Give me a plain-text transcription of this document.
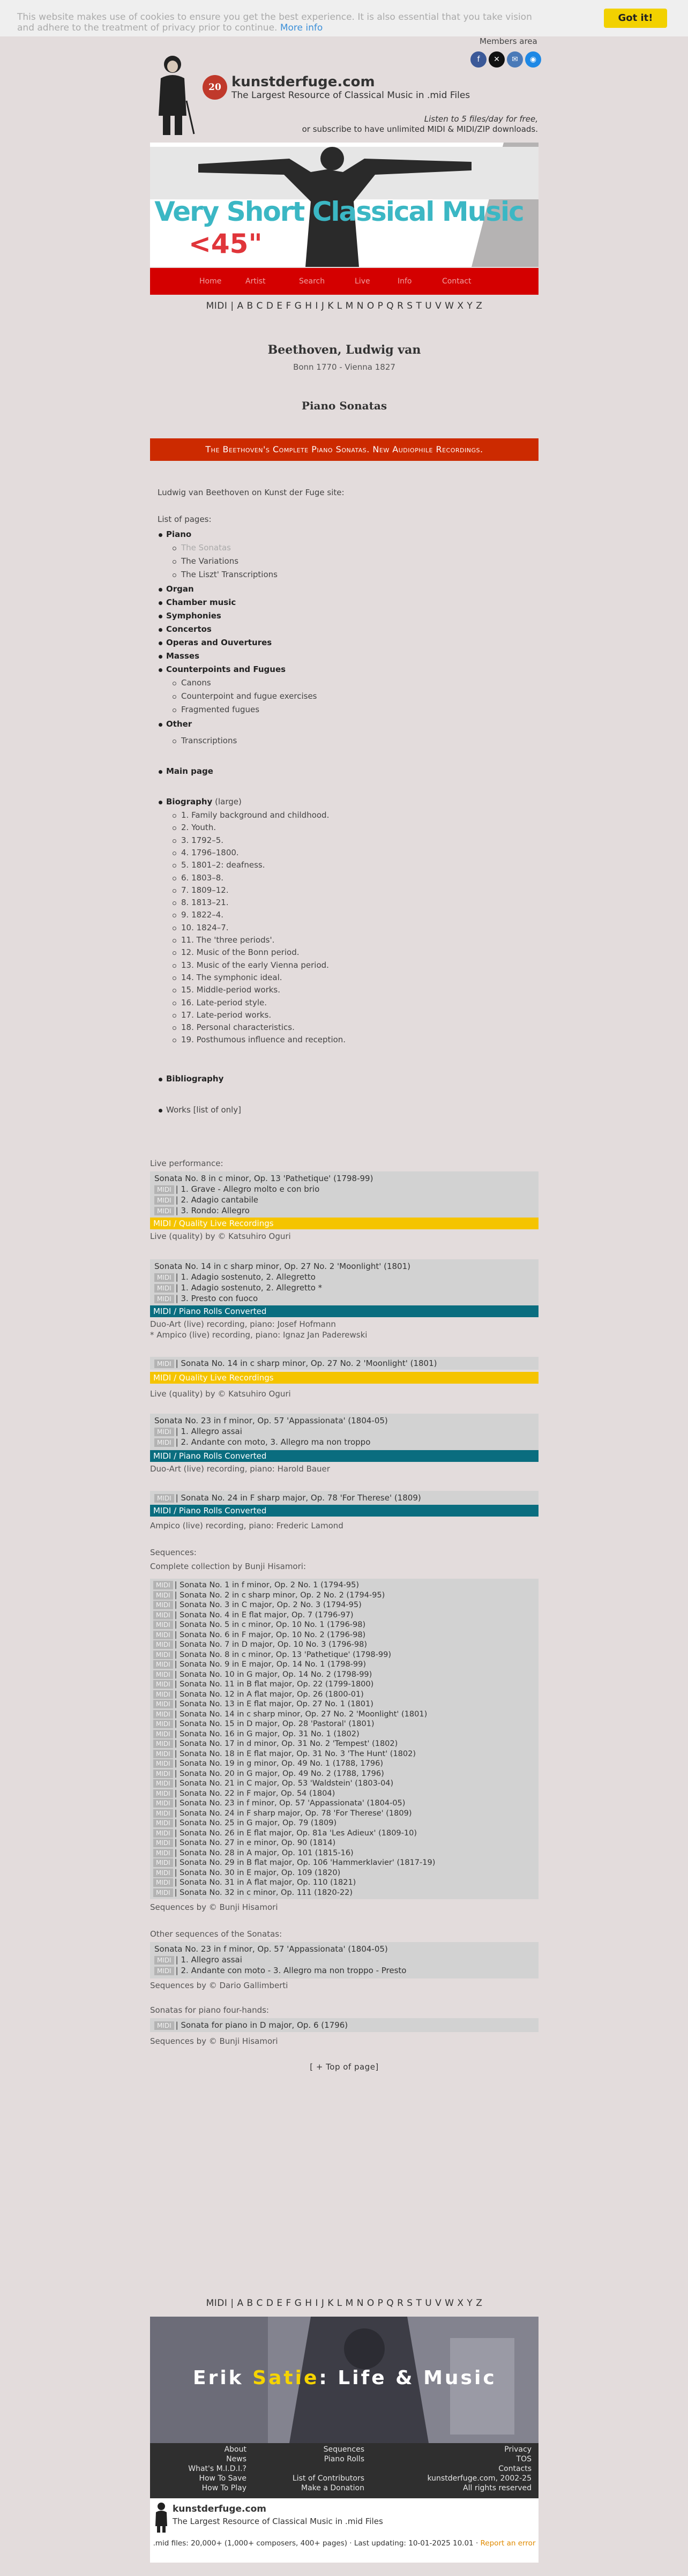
This website makes use of cookies to ensure you get the best experience. It is also essential that you take vision and adhere to the treatment of privacy prior to continue. More info
Got it!
Members area
f	✕	✉	◉
20 kunstderfuge.com
The Largest Resource of Classical Music in .mid Files
Listen to 5 files/day for free,
or subscribe to have unlimited MIDI & MIDI/ZIP downloads.
Very Short Classical Music
<45"
Home	Artist	Search	Live	Info	Contact
MIDI | A B C D E F G H I J K L M N O P Q R S T U V W X Y Z
Beethoven, Ludwig van
Bonn 1770 - Vienna 1827
Piano Sonatas
The Beethoven's Complete Piano Sonatas. New Audiophile Recordings.
Ludwig van Beethoven on Kunst der Fuge site:
List of pages:
Piano
The Sonatas
The Variations
The Liszt' Transcriptions
Organ
Chamber music
Symphonies
Concertos
Operas and Ouvertures
Masses
Counterpoints and Fugues
Canons
Counterpoint and fugue exercises
Fragmented fugues
Other
Transcriptions
Main page
Biography (large)
1. Family background and childhood.
2. Youth.
3. 1792–5.
4. 1796–1800.
5. 1801–2: deafness.
6. 1803–8.
7. 1809–12.
8. 1813–21.
9. 1822–4.
10. 1824–7.
11. The 'three periods'.
12. Music of the Bonn period.
13. Music of the early Vienna period.
14. The symphonic ideal.
15. Middle-period works.
16. Late-period style.
17. Late-period works.
18. Personal characteristics.
19. Posthumous influence and reception.
Bibliography
Works [list of only]
Live performance:
Sonata No. 8 in c minor, Op. 13 'Pathetique' (1798-99)
MIDI | 1. Grave - Allegro molto e con brio
MIDI | 2. Adagio cantabile
MIDI | 3. Rondo: Allegro
MIDI / Quality Live Recordings
Live (quality) by © Katsuhiro Oguri
Sonata No. 14 in c sharp minor, Op. 27 No. 2 'Moonlight' (1801)
MIDI | 1. Adagio sostenuto, 2. Allegretto
MIDI | 1. Adagio sostenuto, 2. Allegretto *
MIDI | 3. Presto con fuoco
MIDI / Piano Rolls Converted
Duo-Art (live) recording, piano: Josef Hofmann
* Ampico (live) recording, piano: Ignaz Jan Paderewski
MIDI | Sonata No. 14 in c sharp minor, Op. 27 No. 2 'Moonlight' (1801)
MIDI / Quality Live Recordings
Live (quality) by © Katsuhiro Oguri
Sonata No. 23 in f minor, Op. 57 'Appassionata' (1804-05)
MIDI | 1. Allegro assai
MIDI | 2. Andante con moto, 3. Allegro ma non troppo
MIDI / Piano Rolls Converted
Duo-Art (live) recording, piano: Harold Bauer
MIDI | Sonata No. 24 in F sharp major, Op. 78 'For Therese' (1809)
MIDI / Piano Rolls Converted
Ampico (live) recording, piano: Frederic Lamond
Sequences:
Complete collection by Bunji Hisamori:
MIDI | Sonata No. 1 in f minor, Op. 2 No. 1 (1794-95)
MIDI | Sonata No. 2 in c sharp minor, Op. 2 No. 2 (1794-95)
MIDI | Sonata No. 3 in C major, Op. 2 No. 3 (1794-95)
MIDI | Sonata No. 4 in E flat major, Op. 7 (1796-97)
MIDI | Sonata No. 5 in c minor, Op. 10 No. 1 (1796-98)
MIDI | Sonata No. 6 in F major, Op. 10 No. 2 (1796-98)
MIDI | Sonata No. 7 in D major, Op. 10 No. 3 (1796-98)
MIDI | Sonata No. 8 in c minor, Op. 13 'Pathetique' (1798-99)
MIDI | Sonata No. 9 in E major, Op. 14 No. 1 (1798-99)
MIDI | Sonata No. 10 in G major, Op. 14 No. 2 (1798-99)
MIDI | Sonata No. 11 in B flat major, Op. 22 (1799-1800)
MIDI | Sonata No. 12 in A flat major, Op. 26 (1800-01)
MIDI | Sonata No. 13 in E flat major, Op. 27 No. 1 (1801)
MIDI | Sonata No. 14 in c sharp minor, Op. 27 No. 2 'Moonlight' (1801)
MIDI | Sonata No. 15 in D major, Op. 28 'Pastoral' (1801)
MIDI | Sonata No. 16 in G major, Op. 31 No. 1 (1802)
MIDI | Sonata No. 17 in d minor, Op. 31 No. 2 'Tempest' (1802)
MIDI | Sonata No. 18 in E flat major, Op. 31 No. 3 'The Hunt' (1802)
MIDI | Sonata No. 19 in g minor, Op. 49 No. 1 (1788, 1796)
MIDI | Sonata No. 20 in G major, Op. 49 No. 2 (1788, 1796)
MIDI | Sonata No. 21 in C major, Op. 53 'Waldstein' (1803-04)
MIDI | Sonata No. 22 in F major, Op. 54 (1804)
MIDI | Sonata No. 23 in f minor, Op. 57 'Appassionata' (1804-05)
MIDI | Sonata No. 24 in F sharp major, Op. 78 'For Therese' (1809)
MIDI | Sonata No. 25 in G major, Op. 79 (1809)
MIDI | Sonata No. 26 in E flat major, Op. 81a 'Les Adieux' (1809-10)
MIDI | Sonata No. 27 in e minor, Op. 90 (1814)
MIDI | Sonata No. 28 in A major, Op. 101 (1815-16)
MIDI | Sonata No. 29 in B flat major, Op. 106 'Hammerklavier' (1817-19)
MIDI | Sonata No. 30 in E major, Op. 109 (1820)
MIDI | Sonata No. 31 in A flat major, Op. 110 (1821)
MIDI | Sonata No. 32 in c minor, Op. 111 (1820-22)
Sequences by © Bunji Hisamori
Other sequences of the Sonatas:
Sonata No. 23 in f minor, Op. 57 'Appassionata' (1804-05)
MIDI | 1. Allegro assai
MIDI | 2. Andante con moto - 3. Allegro ma non troppo - Presto
Sequences by © Dario Gallimberti
Sonatas for piano four-hands:
MIDI | Sonata for piano in D major, Op. 6 (1796)
Sequences by © Bunji Hisamori
[ + Top of page]
MIDI | A B C D E F G H I J K L M N O P Q R S T U V W X Y Z
Erik Satie: Life & Music
About
News
What's M.I.D.I.?
How To Save
How To Play
Sequences
Piano Rolls
List of Contributors
Make a Donation
Privacy
TOS
Contacts
kunstderfuge.com, 2002-25
All rights reserved
kunstderfuge.com
The Largest Resource of Classical Music in .mid Files
.mid files: 20,000+ (1,000+ composers, 400+ pages) · Last updating: 10-01-2025 10.01 · Report an error
